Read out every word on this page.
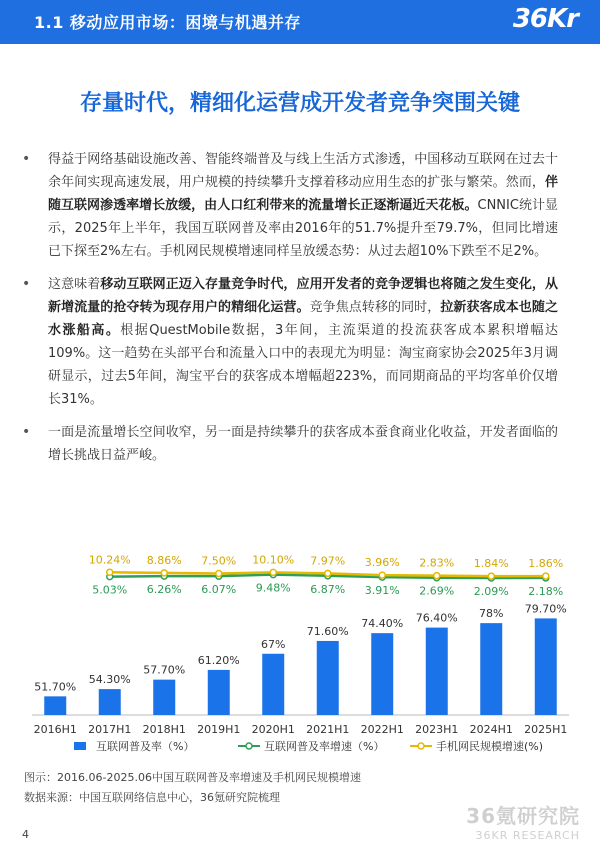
1.1 移动应用市场：困境与机遇并存	36Kr
存量时代，精细化运营成开发者竞争突围关键
• 得益于网络基础设施改善、智能终端普及与线上生活方式渗透，中国移动互联网在过去十余年间实现高速发展，用户规模的持续攀升支撑着移动应用生态的扩张与繁荣。然而，伴随互联网渗透率增长放缓，由人口红利带来的流量增长正逐渐逼近天花板。CNNIC统计显示，2025年上半年，我国互联网普及率由2016年的51.7%提升至79.7%，但同比增速已下探至2%左右。手机网民规模增速同样呈放缓态势：从过去超10%下跌至不足2%。
• 这意味着移动互联网正迈入存量竞争时代，应用开发者的竞争逻辑也将随之发生变化，从新增流量的抢夺转为现存用户的精细化运营。竞争焦点转移的同时，拉新获客成本也随之水涨船高。根据QuestMobile数据，3年间，主流渠道的投流获客成本累积增幅达109%。这一趋势在头部平台和流量入口中的表现尤为明显：淘宝商家协会2025年3月调研显示，过去5年间，淘宝平台的获客成本增幅超223%，而同期商品的平均客单价仅增长31%。
• 一面是流量增长空间收窄，另一面是持续攀升的获客成本蚕食商业化收益，开发者面临的增长挑战日益严峻。
51.70%
2016H1
54.30%
2017H1
57.70%
2018H1
61.20%
2019H1
67%
2020H1
71.60%
2021H1
74.40%
2022H1
76.40%
2023H1
78%
2024H1
79.70%
2025H1
5.03% 6.26% 6.07% 9.48% 6.87% 3.91% 2.69% 2.09% 2.18%
10.24% 8.86% 7.50% 10.10% 7.97% 3.96% 2.83% 1.84% 1.86%
互联网普及率（%）	互联网普及率增速（%）	手机网民规模增速(%)
图示：2016.06-2025.06中国互联网普及率增速及手机网民规模增速
数据来源：中国互联网络信息中心，36氪研究院梳理
36氪研究院
36KR RESEARCH
4
